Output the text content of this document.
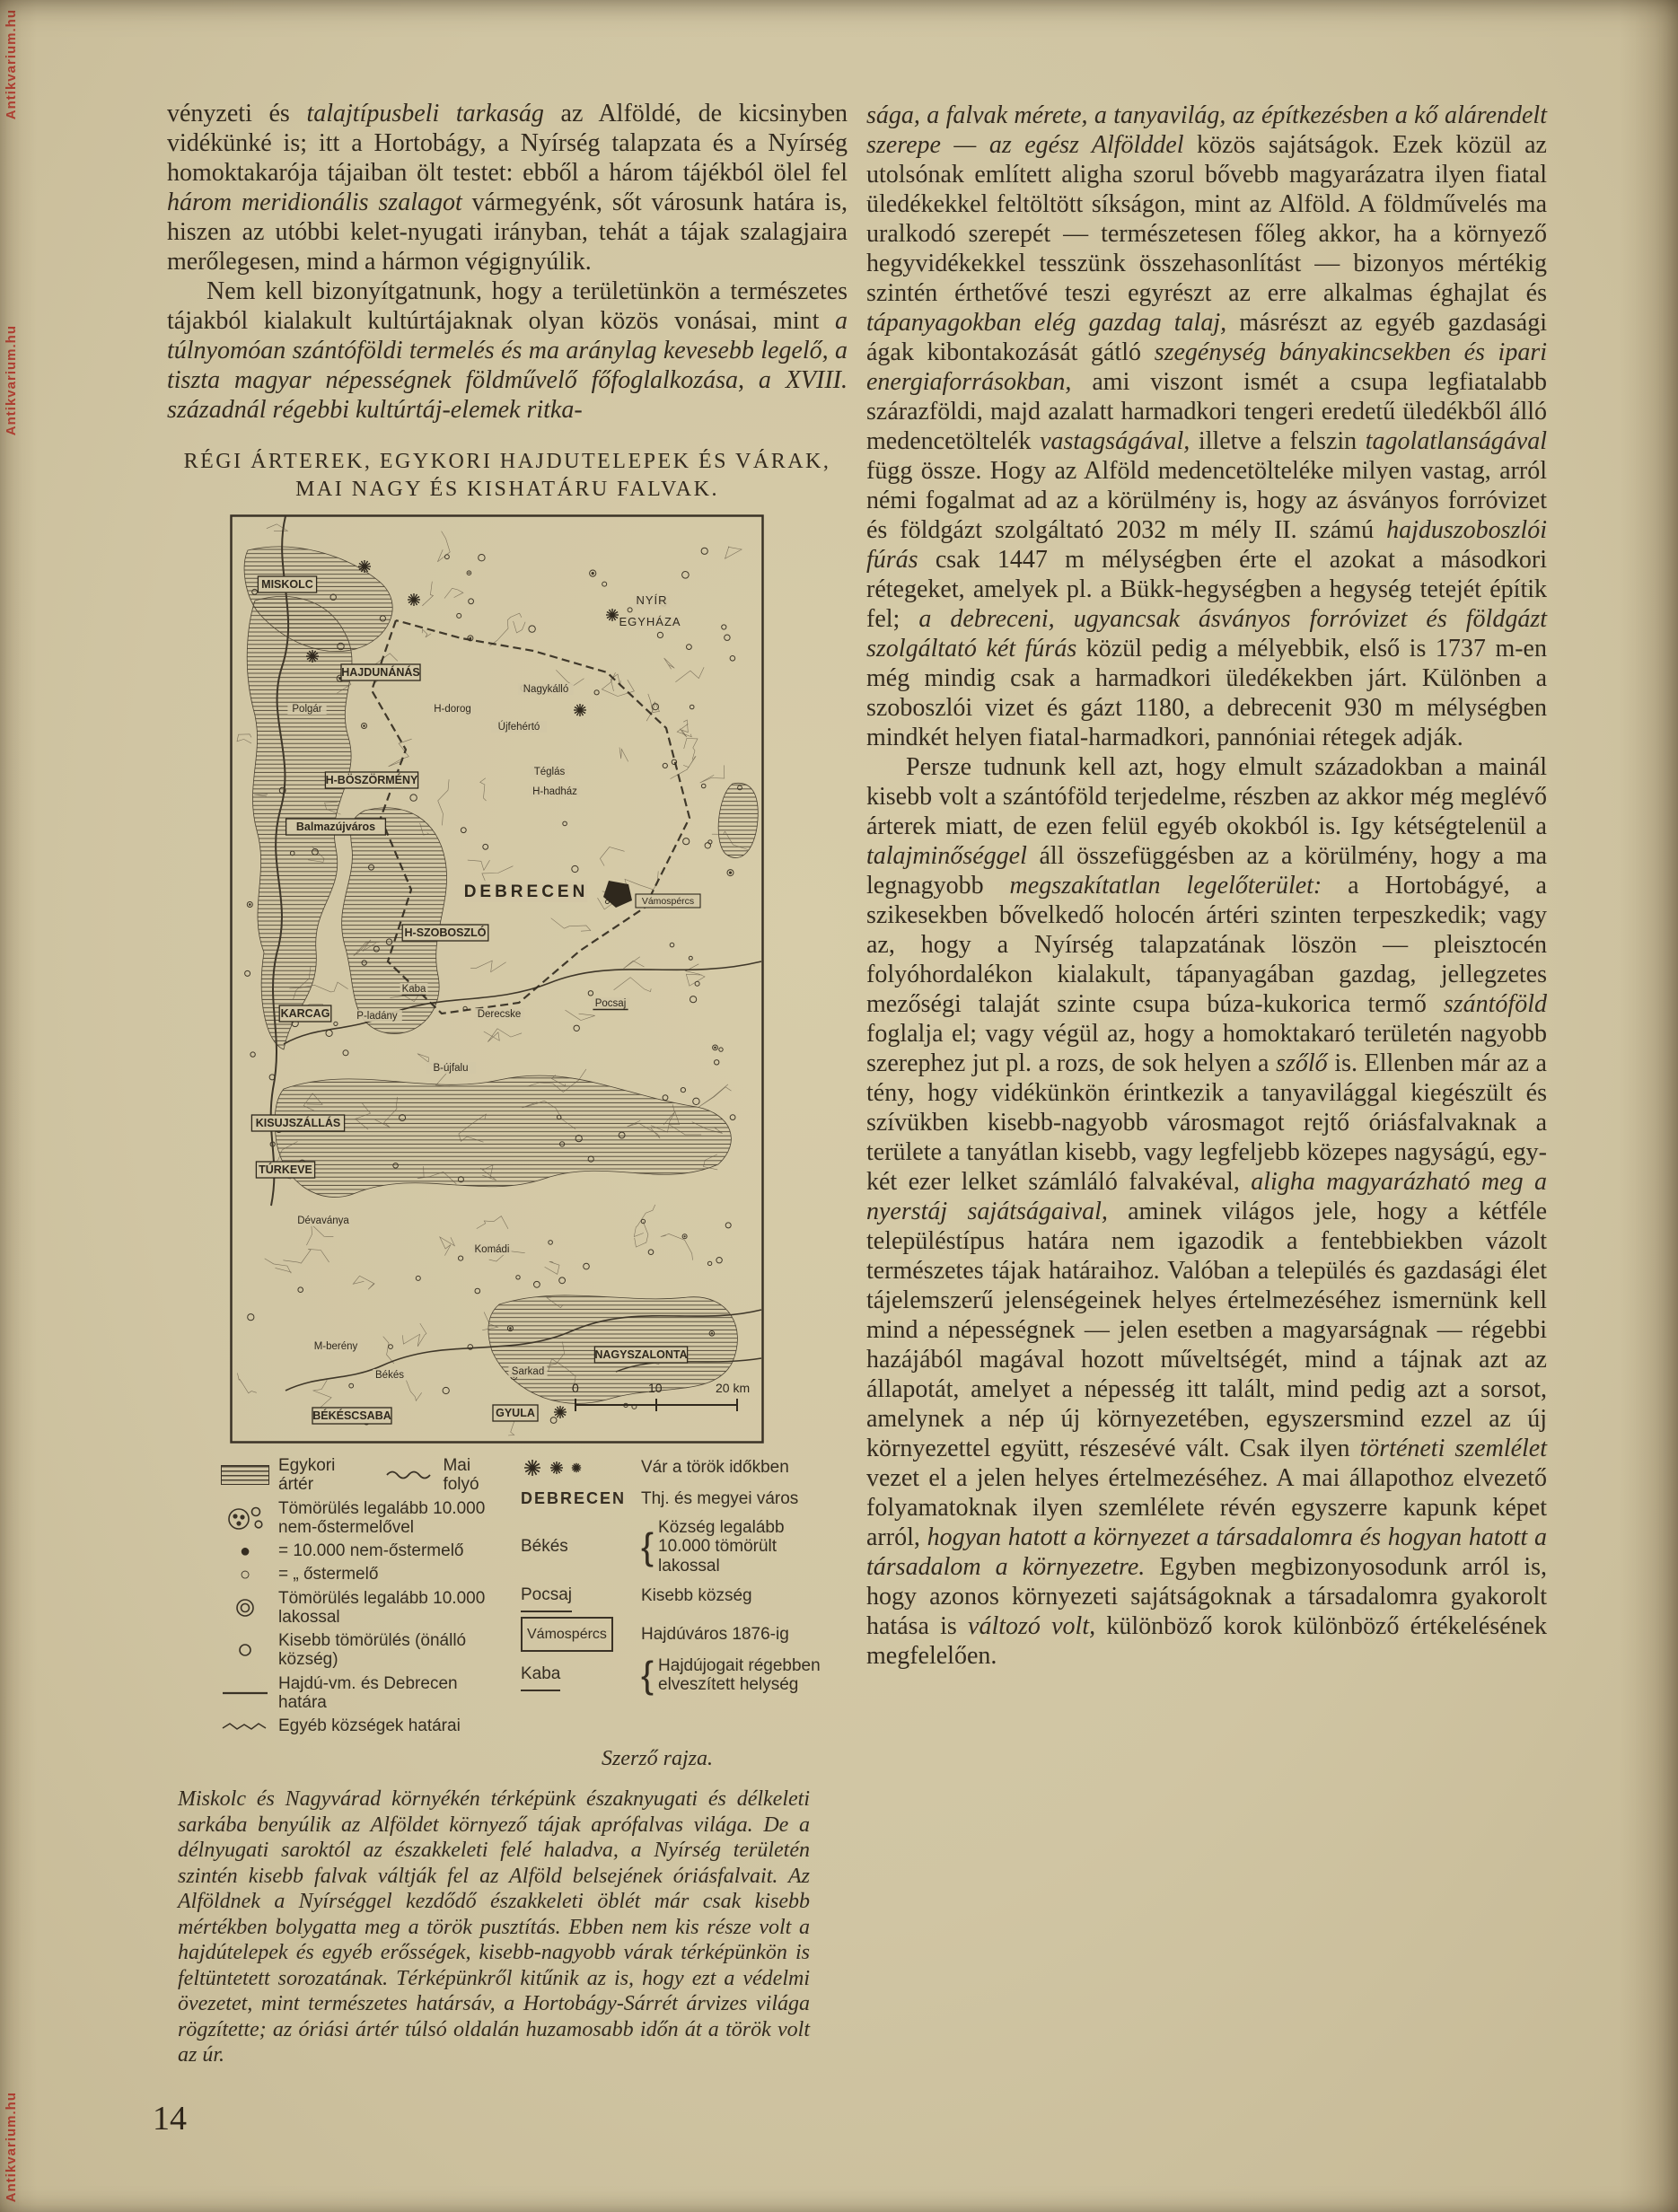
Antikvarium.hu
Antikvarium.hu
Antikvarium.hu

vényzeti és talajtípusbeli tarkaság az Alföldé, de kicsinyben vidékünké is; itt a Hortobágy, a Nyírség talapzata és a Nyírség homoktakarója tájaiban ölt testet: ebből a három tájékból ölel fel három meridionális szalagot vármegyénk, sőt városunk határa is, hiszen az utóbbi kelet-nyugati irányban, tehát a tájak szalagjaira merőlegesen, mind a hármon végignyúlik.

Nem kell bizonyítgatnunk, hogy a területünkön a természetes tájakból kialakult kultúrtájaknak olyan közös vonásai, mint a túlnyomóan szántóföldi termelés és ma aránylag kevesebb legelő, a tiszta magyar népességnek földművelő főfoglalkozása, a XVIII. századnál régebbi kultúrtáj-elemek ritka-

RÉGI ÁRTEREK, EGYKORI HAJDUTELEPEK ÉS VÁRAK,
MAI NAGY ÉS KISHATÁRU FALVAK.
0	10	20 km
MISKOLC
NYÍR
EGYHÁZA
HAJDUNÁNÁS
Polgár
Nagykálló
H-dorog
Újfehértó
Téglás
H-hadház
H-BÖSZÖRMÉNY
Balmazújváros
DEBRECEN	Vámospércs
H-SZOBOSZLÓ
Kaba
KARCAG	P-ladány	Derecske
Pocsaj
B-újfalu
KISUJSZÁLLÁS
TÚRKEVE
Dévaványa
Komádi
M-berény
Békés	Sarkad
NAGYSZALONTA
BÉKÉSCSABA	GYULA
Egykori ártér
Mai folyó
Tömörülés legalább 10.000 nem-őstermelővel
●	= 10.000 nem-őstermelő
○	= „ őstermelő
Tömörülés legalább 10.000 lakossal
Kisebb tömörülés (önálló község)
Hajdú-vm. és Debrecen határa
Egyéb községek határai
Vár a török időkben
DEBRECEN Thj. és megyei város
Békés { Község legalább 10.000 tömörült lakossal
Pocsaj	Kisebb község
Vámospércs	Hajdúváros 1876-ig
Kaba { Hajdújogait régebben elveszített helység
Szerző rajza.
Miskolc és Nagyvárad környékén térképünk északnyugati és délkeleti sarkába benyúlik az Alföldet környező tájak aprófalvas világa. De a délnyugati saroktól az északkeleti felé haladva, a Nyírség területén szintén kisebb falvak váltják fel az Alföld belsejének óriásfalvait. Az Alföldnek a Nyírséggel kezdődő északkeleti öblét már csak kisebb mértékben bolygatta meg a török pusztítás. Ebben nem kis része volt a hajdútelepek és egyéb erősségek, kisebb-nagyobb várak térképünkön is feltüntetett sorozatának. Térképünkről kitűnik az is, hogy ezt a védelmi övezetet, mint természetes határsáv, a Hortobágy-Sárrét árvizes világa rögzítette; az óriási ártér túlsó oldalán huzamosabb időn át a török volt az úr.

sága, a falvak mérete, a tanyavilág, az építkezésben a kő alárendelt szerepe — az egész Alfölddel közös sajátságok. Ezek közül az utolsónak említett aligha szorul bővebb magyarázatra ilyen fiatal üledékekkel feltöltött síkságon, mint az Alföld. A földművelés ma uralkodó szerepét — természetesen főleg akkor, ha a környező hegyvidékekkel tesszünk összehasonlítást — bizonyos mértékig szintén érthetővé teszi egyrészt az erre alkalmas éghajlat és tápanyagokban elég gazdag talaj, másrészt az egyéb gazdasági ágak kibontakozását gátló szegénység bányakincsekben és ipari energiaforrásokban, ami viszont ismét a csupa legfiatalabb szárazföldi, majd azalatt harmadkori tengeri eredetű üledékből álló medencetöltelék vastagságával, illetve a felszin tagolatlanságával függ össze. Hogy az Alföld medencetölteléke milyen vastag, arról némi fogalmat ad az a körülmény is, hogy az ásványos forróvizet és földgázt szolgáltató 2032 m mély II. számú hajduszoboszlói fúrás csak 1447 m mélységben érte el azokat a másodkori rétegeket, amelyek pl. a Bükk-hegységben a hegység tetejét építik fel; a debreceni, ugyancsak ásványos forróvizet és földgázt szolgáltató két fúrás közül pedig a mélyebbik, első is 1737 m-en még mindig csak a harmadkori üledékekben járt. Különben a szoboszlói vizet és gázt 1180, a debrecenit 930 m mélységben mindkét helyen fiatal-harmadkori, pannóniai rétegek adják.

Persze tudnunk kell azt, hogy elmult századokban a mainál kisebb volt a szántóföld terjedelme, részben az akkor még meglévő árterek miatt, de ezen felül egyéb okokból is. Igy kétségtelenül a talajminőséggel áll összefüggésben az a körülmény, hogy a ma legnagyobb megszakítatlan legelőterület: a Hortobágyé, a szikesekben bővelkedő holocén ártéri szinten terpeszkedik; vagy az, hogy a Nyírség talapzatának löszön — pleisztocén folyóhordalékon kialakult, tápanyagában gazdag, jellegzetes mezőségi talaját szinte csupa búza-kukorica termő szántóföld foglalja el; vagy végül az, hogy a homoktakaró területén nagyobb szerephez jut pl. a rozs, de sok helyen a szőlő is. Ellenben már az a tény, hogy vidékünkön érintkezik a tanyavilággal kiegészült és szívükben kisebb-nagyobb városmagot rejtő óriásfalvaknak a területe a tanyátlan kisebb, vagy legfeljebb közepes nagyságú, egy-két ezer lelket számláló falvakéval, aligha magyarázható meg a nyerstáj sajátságaival, aminek világos jele, hogy a kétféle településtípus határa nem igazodik a fentebbiekben vázolt természetes tájak határaihoz. Valóban a település és gazdasági élet tájelemszerű jelenségeinek helyes értelmezéséhez ismernünk kell mind a népességnek — jelen esetben a magyarságnak — régebbi hazájából magával hozott műveltségét, mind a tájnak azt az állapotát, amelyet a népesség itt talált, mind pedig azt a sorsot, amelynek a nép új környezetében, egyszersmind ezzel az új környezettel együtt, részesévé vált. Csak ilyen történeti szemlélet vezet el a jelen helyes értelmezéséhez. A mai állapothoz elvezető folyamatoknak ilyen szemlélete révén egyszerre kapunk képet arról, hogyan hatott a környezet a társadalomra és hogyan hatott a társadalom a környezetre. Egyben megbizonyosodunk arról is, hogy azonos környezeti sajátságoknak a társadalomra gyakorolt hatása is változó volt, különböző korok különböző értékelésének megfelelően.

14
